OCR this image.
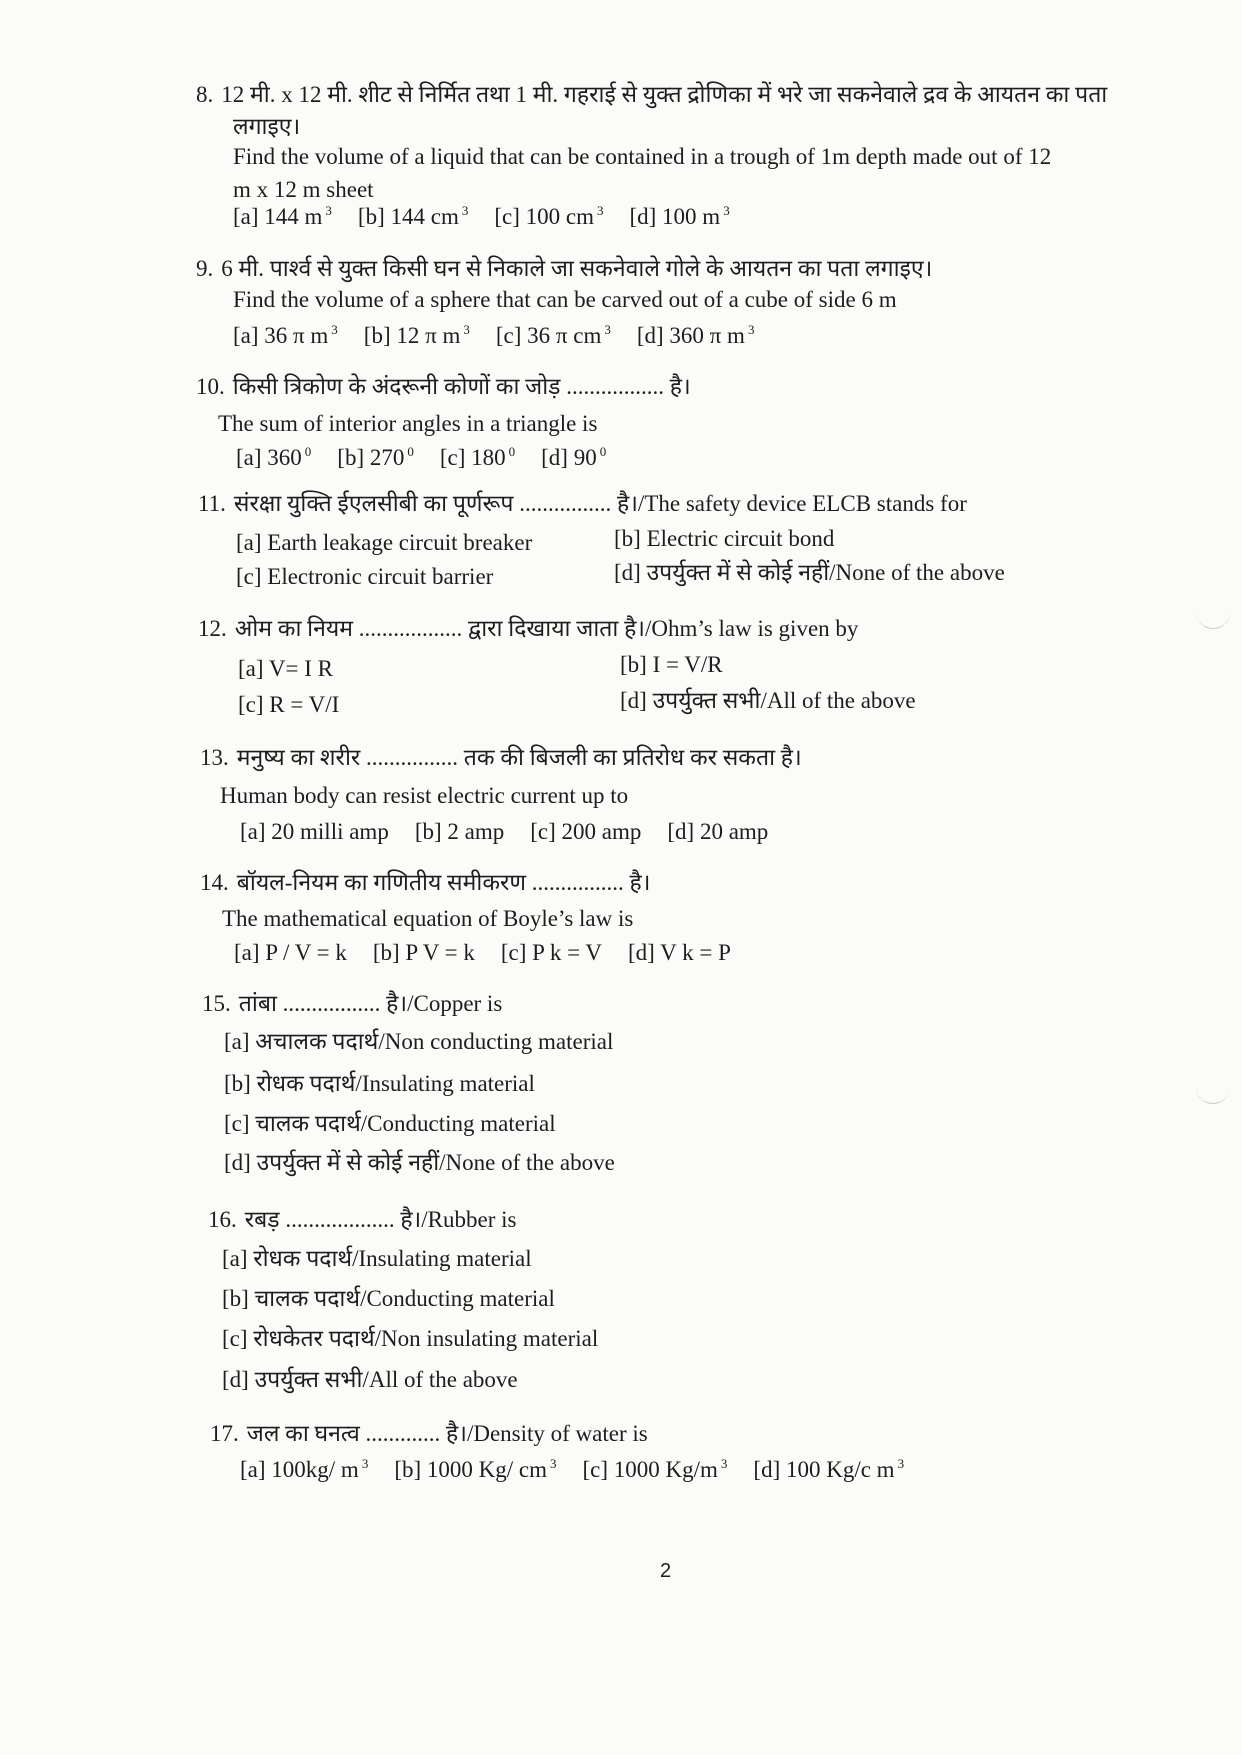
8. 12 मी. x 12 मी. शीट से निर्मित तथा 1 मी. गहराई से युक्त द्रोणिका में भरे जा सकनेवाले द्रव के आयतन का पता
लगाइए।
Find the volume of a liquid that can be contained in a trough of 1m depth made out of 12
m x 12 m sheet
[a] 144 m $^3$ [b] 144 cm $^3$ [c] 100 cm $^3$ [d] 100 m $^3$
9. 6 मी. पार्श्व से युक्त किसी घन से निकाले जा सकनेवाले गोले के आयतन का पता लगाइए।
Find the volume of a sphere that can be carved out of a cube of side 6 m
[a] 36 π m $^3$ [b] 12 π m $^3$ [c] 36 π cm $^3$ [d] 360 π m $^3$
10. किसी त्रिकोण के अंदरूनी कोणों का जोड़ ................. है।
The sum of interior angles in a triangle is
[a] 360 $^0$ [b] 270 $^0$ [c] 180 $^0$ [d] 90 $^0$
11. संरक्षा युक्ति ईएलसीबी का पूर्णरूप ................ है।/The safety device ELCB stands for
[a] Earth leakage circuit breaker	[b] Electric circuit bond
[c] Electronic circuit barrier	[d] उपर्युक्त में से कोई नहीं/None of the above
12. ओम का नियम .................. द्वारा दिखाया जाता है।/Ohm’s law is given by
[a] V= I R	[b] I = V/R
[c] R = V/I	[d] उपर्युक्त सभी/All of the above
13. मनुष्य का शरीर ................ तक की बिजली का प्रतिरोध कर सकता है।
Human body can resist electric current up to
[a] 20 milli amp [b] 2 amp [c] 200 amp [d] 20 amp
14. बॉयल-नियम का गणितीय समीकरण ................ है।
The mathematical equation of Boyle’s law is
[a] P / V = k [b] P V = k [c] P k = V [d] V k = P
15. तांबा ................. है।/Copper is
[a] अचालक पदार्थ/Non conducting material
[b] रोधक पदार्थ/Insulating material
[c] चालक पदार्थ/Conducting material
[d] उपर्युक्त में से कोई नहीं/None of the above
16. रबड़ ................... है।/Rubber is
[a] रोधक पदार्थ/Insulating material
[b] चालक पदार्थ/Conducting material
[c] रोधकेतर पदार्थ/Non insulating material
[d] उपर्युक्त सभी/All of the above
17. जल का घनत्व ............. है।/Density of water is
[a] 100kg/ m $^3$ [b] 1000 Kg/ cm $^3$ [c] 1000 Kg/m $^3$ [d] 100 Kg/c m $^3$
2
